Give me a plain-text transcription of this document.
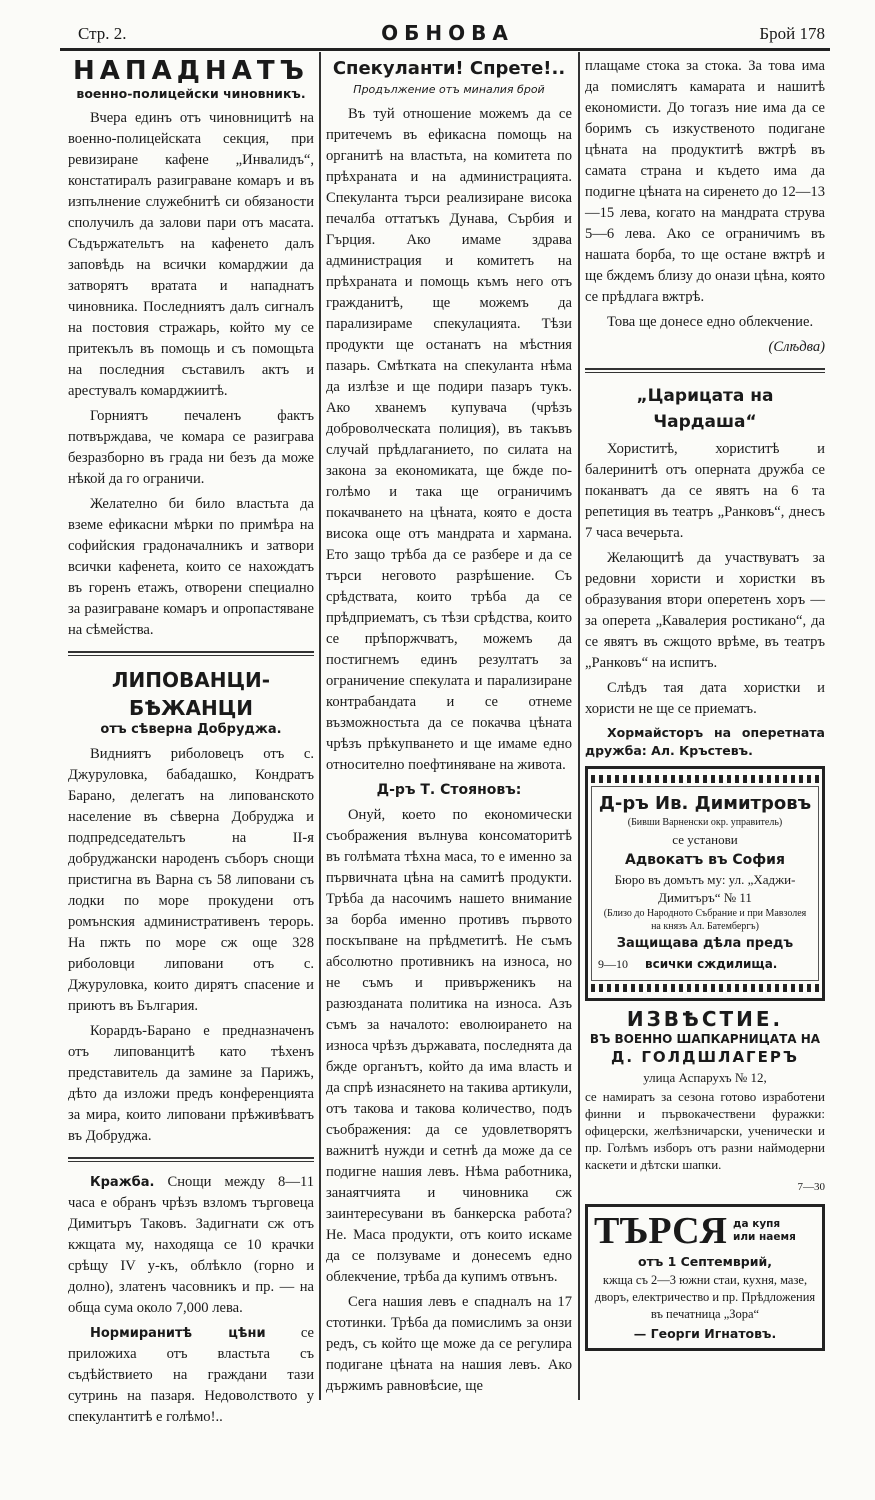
Стр. 2.	ОБНОВА	Брой 178
НАПАДНАТЪ
военно-полицейски чиновникъ.

Вчера единъ отъ чиновницитѣ на военно-полицейската секция, при ревизиране кафене „Инвалидъ“, констатиралъ разиграване комаръ и въ изпълнение служебнитѣ си обязаности сполучилъ да залови пари отъ масата. Съдържательтъ на кафенето далъ заповѣдь на всички комарджии да затворятъ вратата и нападнатъ чиновника. Последниятъ далъ сигналъ на постовия стражарь, който му се притекълъ въ помощь и съ помощьта на последния съставилъ актъ и арестувалъ комарджиитѣ.

Горниятъ печаленъ фактъ потвърждава, че комара се разиграва безразборно въ града ни безъ да може нѣкой да го ограничи.

Желателно би било властьта да вземе ефикасни мѣрки по примѣра на софийския градоначалникъ и затвори всички кафенета, които се нахождатъ въ горенъ етажъ, отворени специално за разиграване комаръ и опропастяване на сѣмейства.

ЛИПОВАНЦИ-БѢЖАНЦИ
отъ сѣверна Добруджа.

Видниятъ риболовецъ отъ с. Джуруловка, бабадашко, Кондратъ Барано, делегатъ на липованското население въ сѣверна Добруджа и подпредседательтъ на II-я добруджански народенъ съборъ снощи пристигна въ Варна съ 58 липовани съ лодки по море прокудени отъ ромънския административенъ терорь. На пжть по море сж още 328 риболовци липовани отъ с. Джуруловка, които дирятъ спасение и приютъ въ България.

Корардъ-Барано е предназначенъ отъ липованцитѣ като тѣхенъ представитель да замине за Парижъ, дѣто да изложи предъ конференцията за мира, които липовани прѣживѣватъ въ Добруджа.

Кражба. Снощи между 8—11 часа е обранъ чрѣзъ взломъ търговеца Димитъръ Таковъ. Задигнати сж отъ кжщата му, находяща се 10 крачки срѣщу IV у-къ, облѣкло (горно и долно), златенъ часовникъ и пр. — на обща сума около 7,000 лева.

Нормиранитѣ цѣни се приложиха отъ властьта съ съдѣйствието на граждани тази сутринь на пазаря. Недоволството у спекулантитѣ е голѣмо!..

Спекуланти! Спрете!..
Продължение отъ миналия брой

Въ туй отношение можемъ да се притечемъ въ ефикасна помощь на органитѣ на властьта, на комитета по прѣхраната и на администрацията. Спекуланта търси реализиране висока печалба оттатъкъ Дунава, Сърбия и Гърция. Ако имаме здрава администрация и комитетъ на прѣхраната и помощь къмъ него отъ гражданитѣ, ще можемъ да парализираме спекулацията. Тѣзи продукти ще останатъ на мѣстния пазарь. Смѣтката на спекуланта нѣма да излѣзе и ще подири пазаръ тукъ. Ако хванемъ купувача (чрѣзъ доброволческата полиция), въ такъвъ случай прѣдлаганието, по силата на закона за економиката, ще бжде по-голѣмо и така ще ограничимъ покачването на цѣната, която е доста висока още отъ мандрата и хармана. Ето защо трѣба да се разбере и да се търси неговото разрѣшение. Съ срѣдствата, които трѣба да се прѣдприематъ, съ тѣзи срѣдства, които се прѣпоржчватъ, можемъ да постигнемъ единъ резултатъ за ограничение спекулата и парализиране контрабандата и се отнеме възможностьта да се покачва цѣната чрѣзъ прѣкупването и ще имаме едно относително поефтиняване на живота.

Д-ръ Т. Стояновъ:

Онуй, което по економически съображения вълнува консоматоритѣ въ голѣмата тѣхна маса, то е именно за първичната цѣна на самитѣ продукти. Трѣба да насочимъ нашето внимание за борба именно противъ първото поскъпване на прѣдметитѣ. Не съмъ абсолютно противникъ на износа, но не съмъ и привърженикъ на разюзданата политика на износа. Азъ съмъ за началото: еволюирането на износа чрѣзъ държавата, последнята да бжде органътъ, който да има власть и да спрѣ изнасянето на такива артикули, отъ такова и такова количество, подъ съображения: да се удовлетворятъ важнитѣ нужди и сетнѣ да може да се подигне нашия левъ. Нѣма работника, занаятчията и чиновника сж заинтересувани въ банкерска работа? Не. Маса продукти, отъ които искаме да се ползуваме и донесемъ едно облекчение, трѣба да купимъ отвънъ.

Сега нашия левъ е спадналъ на 17 стотинки. Трѣба да помислимъ за онзи редъ, съ който ще може да се регулира подигане цѣната на нашия левъ. Ако държимъ равновѣсие, ще

плащаме стока за стока. За това има да помислятъ камарата и нашитѣ економисти. До тогазъ ние има да се боримъ съ изкуственото подигане цѣната на продуктитѣ вжтрѣ въ самата страна и където има да подигне цѣната на сиренето до 12—13—15 лева, когато на мандрата струва 5—6 лева. Ако се ограничимъ въ нашата борба, то ще остане вжтрѣ и ще бждемъ близу до онази цѣна, която се прѣдлага вжтрѣ.

Това ще донесе едно облекчение.

(Слѣдва)
„Царицата на Чардаша“

Хориститѣ, хориститѣ и балеринитѣ отъ оперната дружба се поканватъ да се явятъ на 6 та репетиция въ театръ „Ранковъ“, днесъ 7 часа вечерьта.

Желающитѣ да участвуватъ за редовни хористи и хористки въ образувания втори оперетенъ хоръ — за оперета „Кавалерия ростикано“, да се явятъ въ сжщото врѣме, въ театръ „Ранковъ“ на испитъ.

Слѣдъ тая дата хористки и хористи не ще се приематъ.

Хормайсторъ на оперетната дружба: Ал. Кръстевъ.

Д-ръ Ив. Димитровъ
(Бивши Варненски окр. управитель)
се установи
Адвокатъ въ София
Бюро въ домътъ му: ул. „Хаджи-Димитъръ“ № 11
(Близо до Народното Събрание и при Мавзолея на князъ Ал. Батембергъ)
Защищава дѣла предъ
9—10 всички сждилища.
ИЗВѢСТИЕ.
ВЪ ВОЕННО ШАПКАРНИЦАТА НА
Д. ГОЛДШЛАГЕРЪ
улица Аспарухъ № 12,

се намиратъ за сезона готово изработени финни и първокачествени фуражки: офицерски, желѣзничарски, ученически и пр. Голѣмъ изборъ отъ разни наймодерни каскети и дѣтски шапки.

7—30
ТЪРСЯ да купя или наемя
отъ 1 Септемврий,
кжща съ 2—3 южни стаи, кухня, мазе, дворъ, електричество и пр. Прѣдложения въ печатница „Зора“
— Георги Игнатовъ.
